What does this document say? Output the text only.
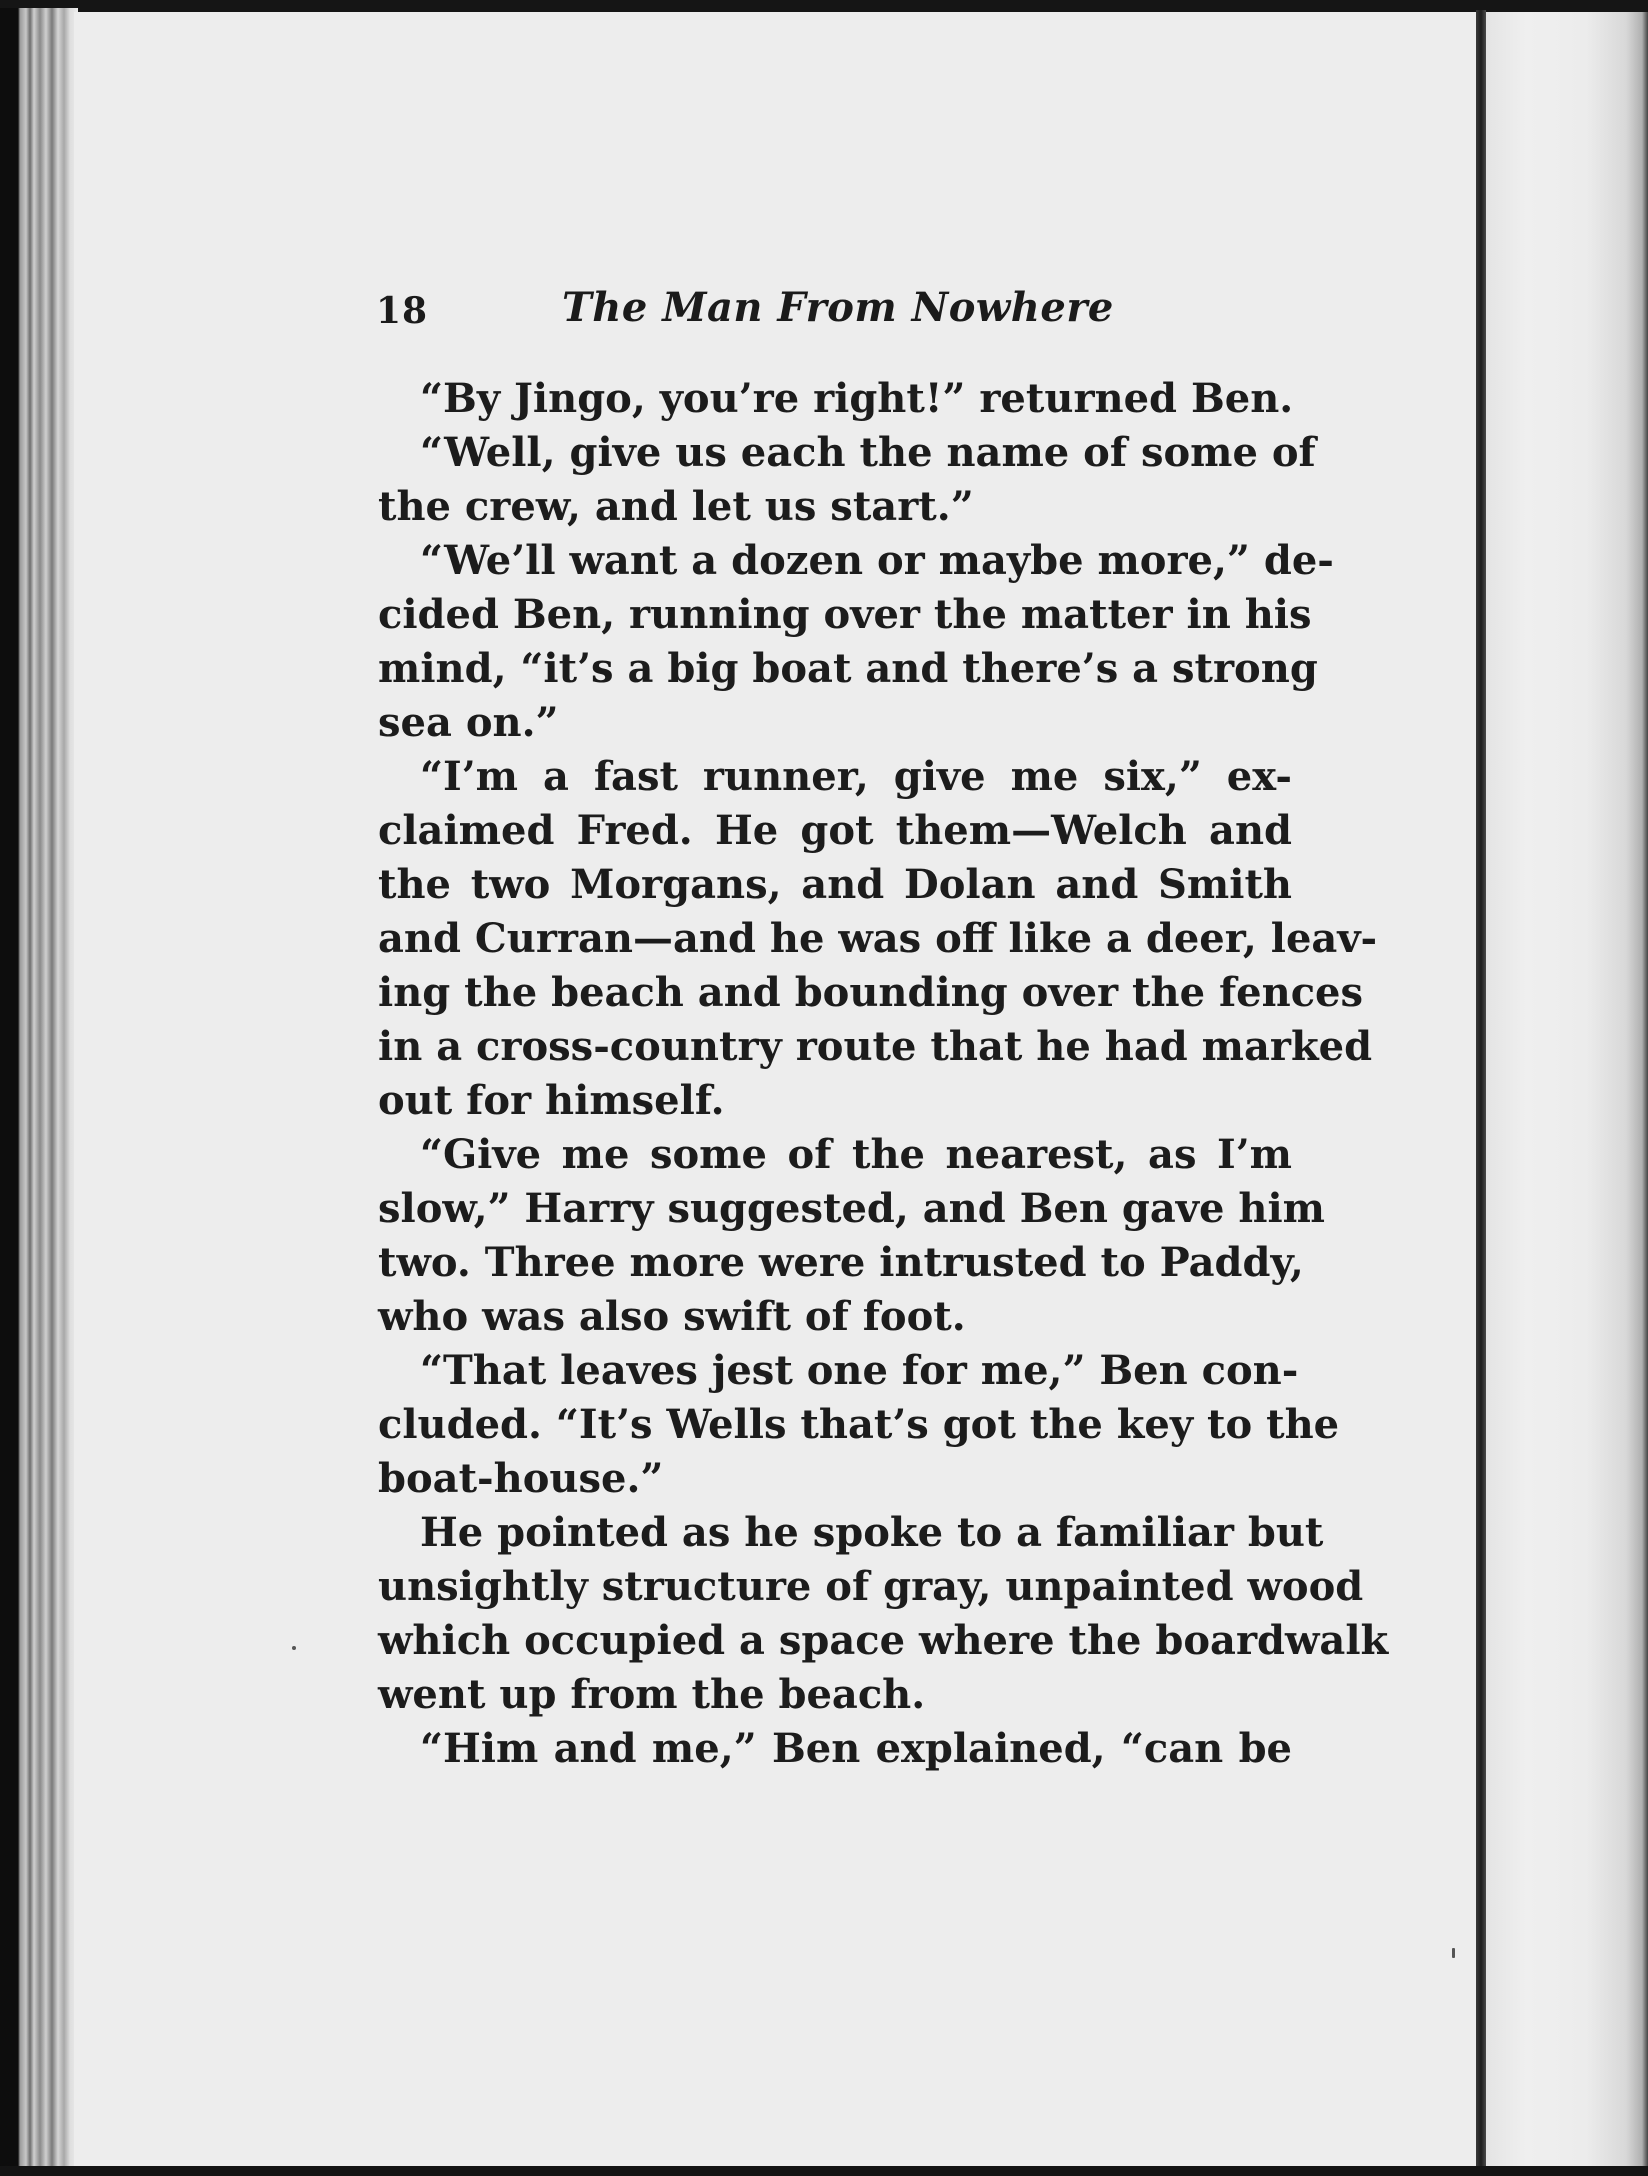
18	The Man From Nowhere
“By Jingo, you’re right!” returned Ben.
“Well, give us each the name of some of
the crew, and let us start.”
“We’ll want a dozen or maybe more,” de-
cided Ben, running over the matter in his
mind, “it’s a big boat and there’s a strong
sea on.”
“I’m a fast runner, give me six,” ex-
claimed Fred. He got them—Welch and
the two Morgans, and Dolan and Smith
and Curran—and he was off like a deer, leav-
ing the beach and bounding over the fences
in a cross-country route that he had marked
out for himself.
“Give me some of the nearest, as I’m
slow,” Harry suggested, and Ben gave him
two. Three more were intrusted to Paddy,
who was also swift of foot.
“That leaves jest one for me,” Ben con-
cluded. “It’s Wells that’s got the key to the
boat-house.”
He pointed as he spoke to a familiar but
unsightly structure of gray, unpainted wood
which occupied a space where the boardwalk
went up from the beach.
“Him and me,” Ben explained, “can be
